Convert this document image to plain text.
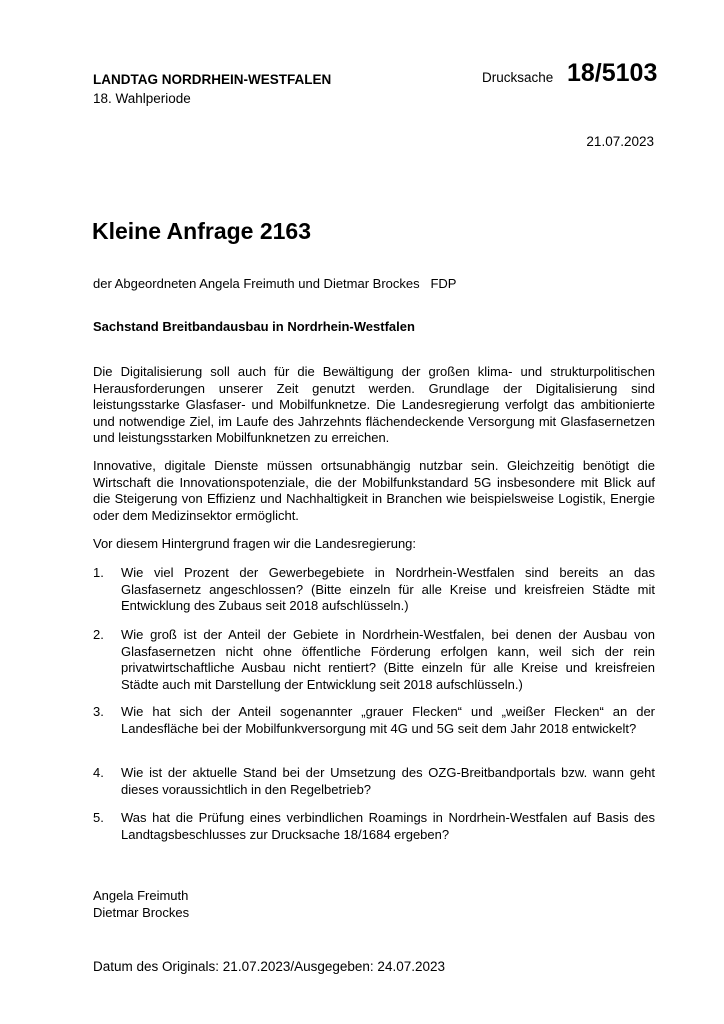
LANDTAG NORDRHEIN-WESTFALEN
18. Wahlperiode
Drucksache 18/5103
21.07.2023
Kleine Anfrage 2163
der Abgeordneten Angela Freimuth und Dietmar Brockes   FDP
Sachstand Breitbandausbau in Nordrhein-Westfalen
Die Digitalisierung soll auch für die Bewältigung der großen klima- und strukturpolitischen Herausforderungen unserer Zeit genutzt werden. Grundlage der Digitalisierung sind leistungsstarke Glasfaser- und Mobilfunknetze. Die Landesregierung verfolgt das ambitionierte und notwendige Ziel, im Laufe des Jahrzehnts flächendeckende Versorgung mit Glasfasernetzen und leistungsstarken Mobilfunknetzen zu erreichen.
Innovative, digitale Dienste müssen ortsunabhängig nutzbar sein. Gleichzeitig benötigt die Wirtschaft die Innovationspotenziale, die der Mobilfunkstandard 5G insbesondere mit Blick auf die Steigerung von Effizienz und Nachhaltigkeit in Branchen wie beispielsweise Logistik, Energie oder dem Medizinsektor ermöglicht.
Vor diesem Hintergrund fragen wir die Landesregierung:
1. Wie viel Prozent der Gewerbegebiete in Nordrhein-Westfalen sind bereits an das Glasfasernetz angeschlossen? (Bitte einzeln für alle Kreise und kreisfreien Städte mit Entwicklung des Zubaus seit 2018 aufschlüsseln.)
2. Wie groß ist der Anteil der Gebiete in Nordrhein-Westfalen, bei denen der Ausbau von Glasfasernetzen nicht ohne öffentliche Förderung erfolgen kann, weil sich der rein privatwirtschaftliche Ausbau nicht rentiert? (Bitte einzeln für alle Kreise und kreisfreien Städte auch mit Darstellung der Entwicklung seit 2018 aufschlüsseln.)
3. Wie hat sich der Anteil sogenannter „grauer Flecken“ und „weißer Flecken“ an der Landesfläche bei der Mobilfunkversorgung mit 4G und 5G seit dem Jahr 2018 entwickelt?
4. Wie ist der aktuelle Stand bei der Umsetzung des OZG-Breitbandportals bzw. wann geht dieses voraussichtlich in den Regelbetrieb?
5. Was hat die Prüfung eines verbindlichen Roamings in Nordrhein-Westfalen auf Basis des Landtagsbeschlusses zur Drucksache 18/1684 ergeben?
Angela Freimuth
Dietmar Brockes
Datum des Originals: 21.07.2023/Ausgegeben: 24.07.2023
